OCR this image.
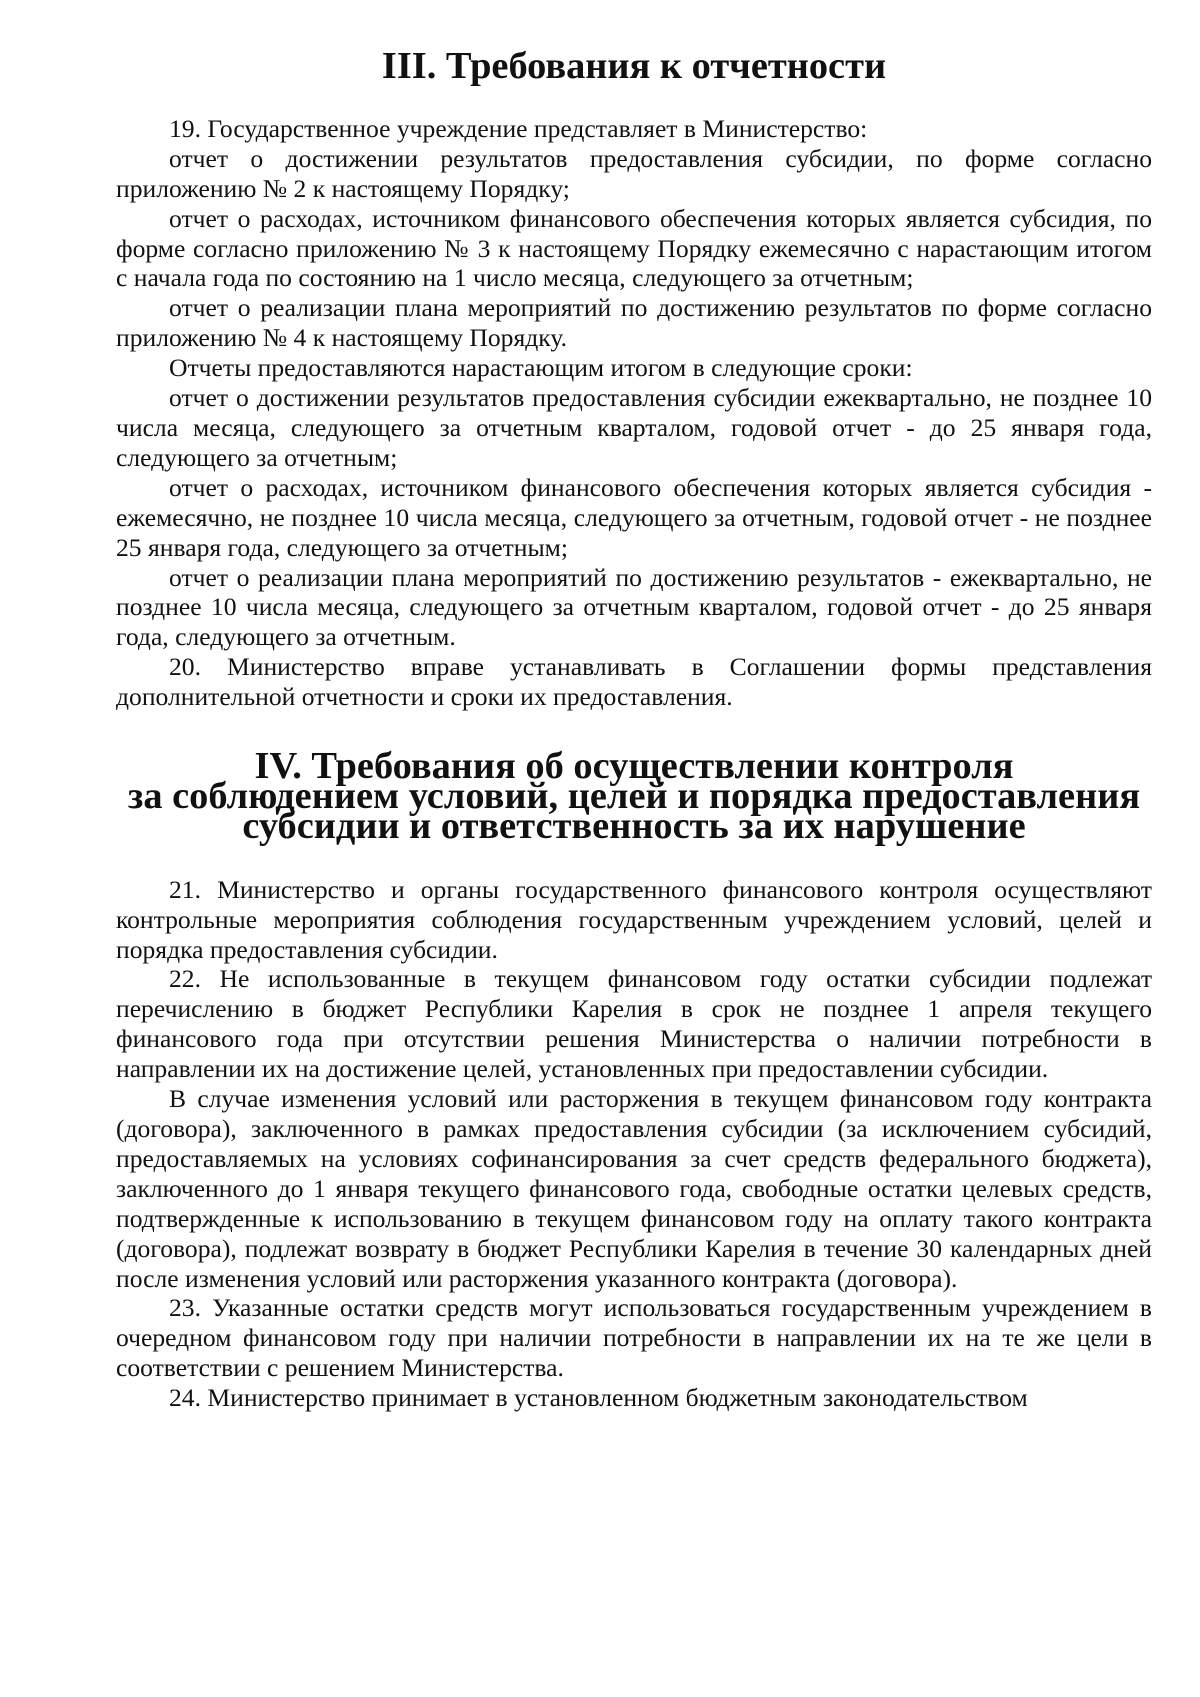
III. Требования к отчетности

19. Государственное учреждение представляет в Министерство:

отчет о достижении результатов предоставления субсидии, по форме согласно приложению № 2 к настоящему Порядку;

отчет о расходах, источником финансового обеспечения которых является субсидия, по форме согласно приложению № 3 к настоящему Порядку ежемесячно с нарастающим итогом с начала года по состоянию на 1 число месяца, следующего за отчетным;

отчет о реализации плана мероприятий по достижению результатов по форме согласно приложению № 4 к настоящему Порядку.

Отчеты предоставляются нарастающим итогом в следующие сроки:

отчет о достижении результатов предоставления субсидии ежеквартально, не позднее 10 числа месяца, следующего за отчетным кварталом, годовой отчет - до 25 января года, следующего за отчетным;

отчет о расходах, источником финансового обеспечения которых является субсидия - ежемесячно, не позднее 10 числа месяца, следующего за отчетным, годовой отчет - не позднее 25 января года, следующего за отчетным;

отчет о реализации плана мероприятий по достижению результатов - ежеквартально, не позднее 10 числа месяца, следующего за отчетным кварталом, годовой отчет - до 25 января года, следующего за отчетным.

20. Министерство вправе устанавливать в Соглашении формы представления дополнительной отчетности и сроки их предоставления.

IV. Требования об осуществлении контроля
за соблюдением условий, целей и порядка предоставления
субсидии и ответственность за их нарушение

21. Министерство и органы государственного финансового контроля осуществляют контрольные мероприятия соблюдения государственным учреждением условий, целей и порядка предоставления субсидии.

22. Не использованные в текущем финансовом году остатки субсидии подлежат перечислению в бюджет Республики Карелия в срок не позднее 1 апреля текущего финансового года при отсутствии решения Министерства о наличии потребности в направлении их на достижение целей, установленных при предоставлении субсидии.

В случае изменения условий или расторжения в текущем финансовом году контракта (договора), заключенного в рамках предоставления субсидии (за исключением субсидий, предоставляемых на условиях софинансирования за счет средств федерального бюджета), заключенного до 1 января текущего финансового года, свободные остатки целевых средств, подтвержденные к использованию в текущем финансовом году на оплату такого контракта (договора), подлежат возврату в бюджет Республики Карелия в течение 30 календарных дней после изменения условий или расторжения указанного контракта (договора).

23. Указанные остатки средств могут использоваться государственным учреждением в очередном финансовом году при наличии потребности в направлении их на те же цели в соответствии с решением Министерства.

24. Министерство принимает в установленном бюджетным законодательством
